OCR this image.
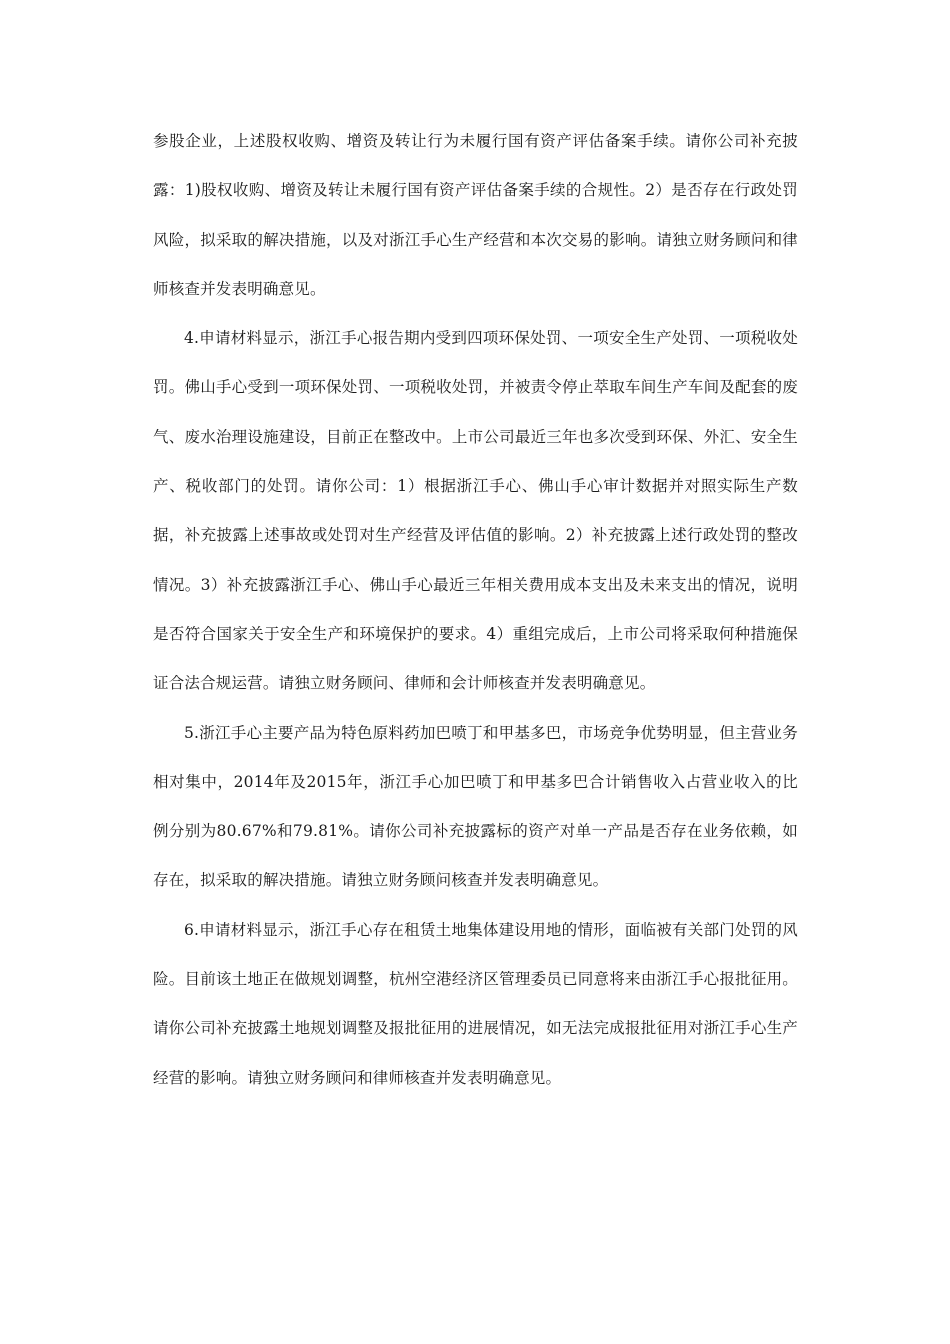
参股企业，上述股权收购、增资及转让行为未履行国有资产评估备案手续。请你公司补充披露：1)股权收购、增资及转让未履行国有资产评估备案手续的合规性。2）是否存在行政处罚风险，拟采取的解决措施，以及对浙江手心生产经营和本次交易的影响。请独立财务顾问和律师核查并发表明确意见。

4.申请材料显示，浙江手心报告期内受到四项环保处罚、一项安全生产处罚、一项税收处罚。佛山手心受到一项环保处罚、一项税收处罚，并被责令停止萃取车间生产车间及配套的废气、废水治理设施建设，目前正在整改中。上市公司最近三年也多次受到环保、外汇、安全生产、税收部门的处罚。请你公司：1）根据浙江手心、佛山手心审计数据并对照实际生产数据，补充披露上述事故或处罚对生产经营及评估值的影响。2）补充披露上述行政处罚的整改情况。3）补充披露浙江手心、佛山手心最近三年相关费用成本支出及未来支出的情况，说明是否符合国家关于安全生产和环境保护的要求。4）重组完成后，上市公司将采取何种措施保证合法合规运营。请独立财务顾问、律师和会计师核查并发表明确意见。

5.浙江手心主要产品为特色原料药加巴喷丁和甲基多巴，市场竞争优势明显，但主营业务相对集中，2014年及2015年，浙江手心加巴喷丁和甲基多巴合计销售收入占营业收入的比例分别为80.67%和79.81%。请你公司补充披露标的资产对单一产品是否存在业务依赖，如存在，拟采取的解决措施。请独立财务顾问核查并发表明确意见。

6.申请材料显示，浙江手心存在租赁土地集体建设用地的情形，面临被有关部门处罚的风险。目前该土地正在做规划调整，杭州空港经济区管理委员已同意将来由浙江手心报批征用。请你公司补充披露土地规划调整及报批征用的进展情况，如无法完成报批征用对浙江手心生产经营的影响。请独立财务顾问和律师核查并发表明确意见。
